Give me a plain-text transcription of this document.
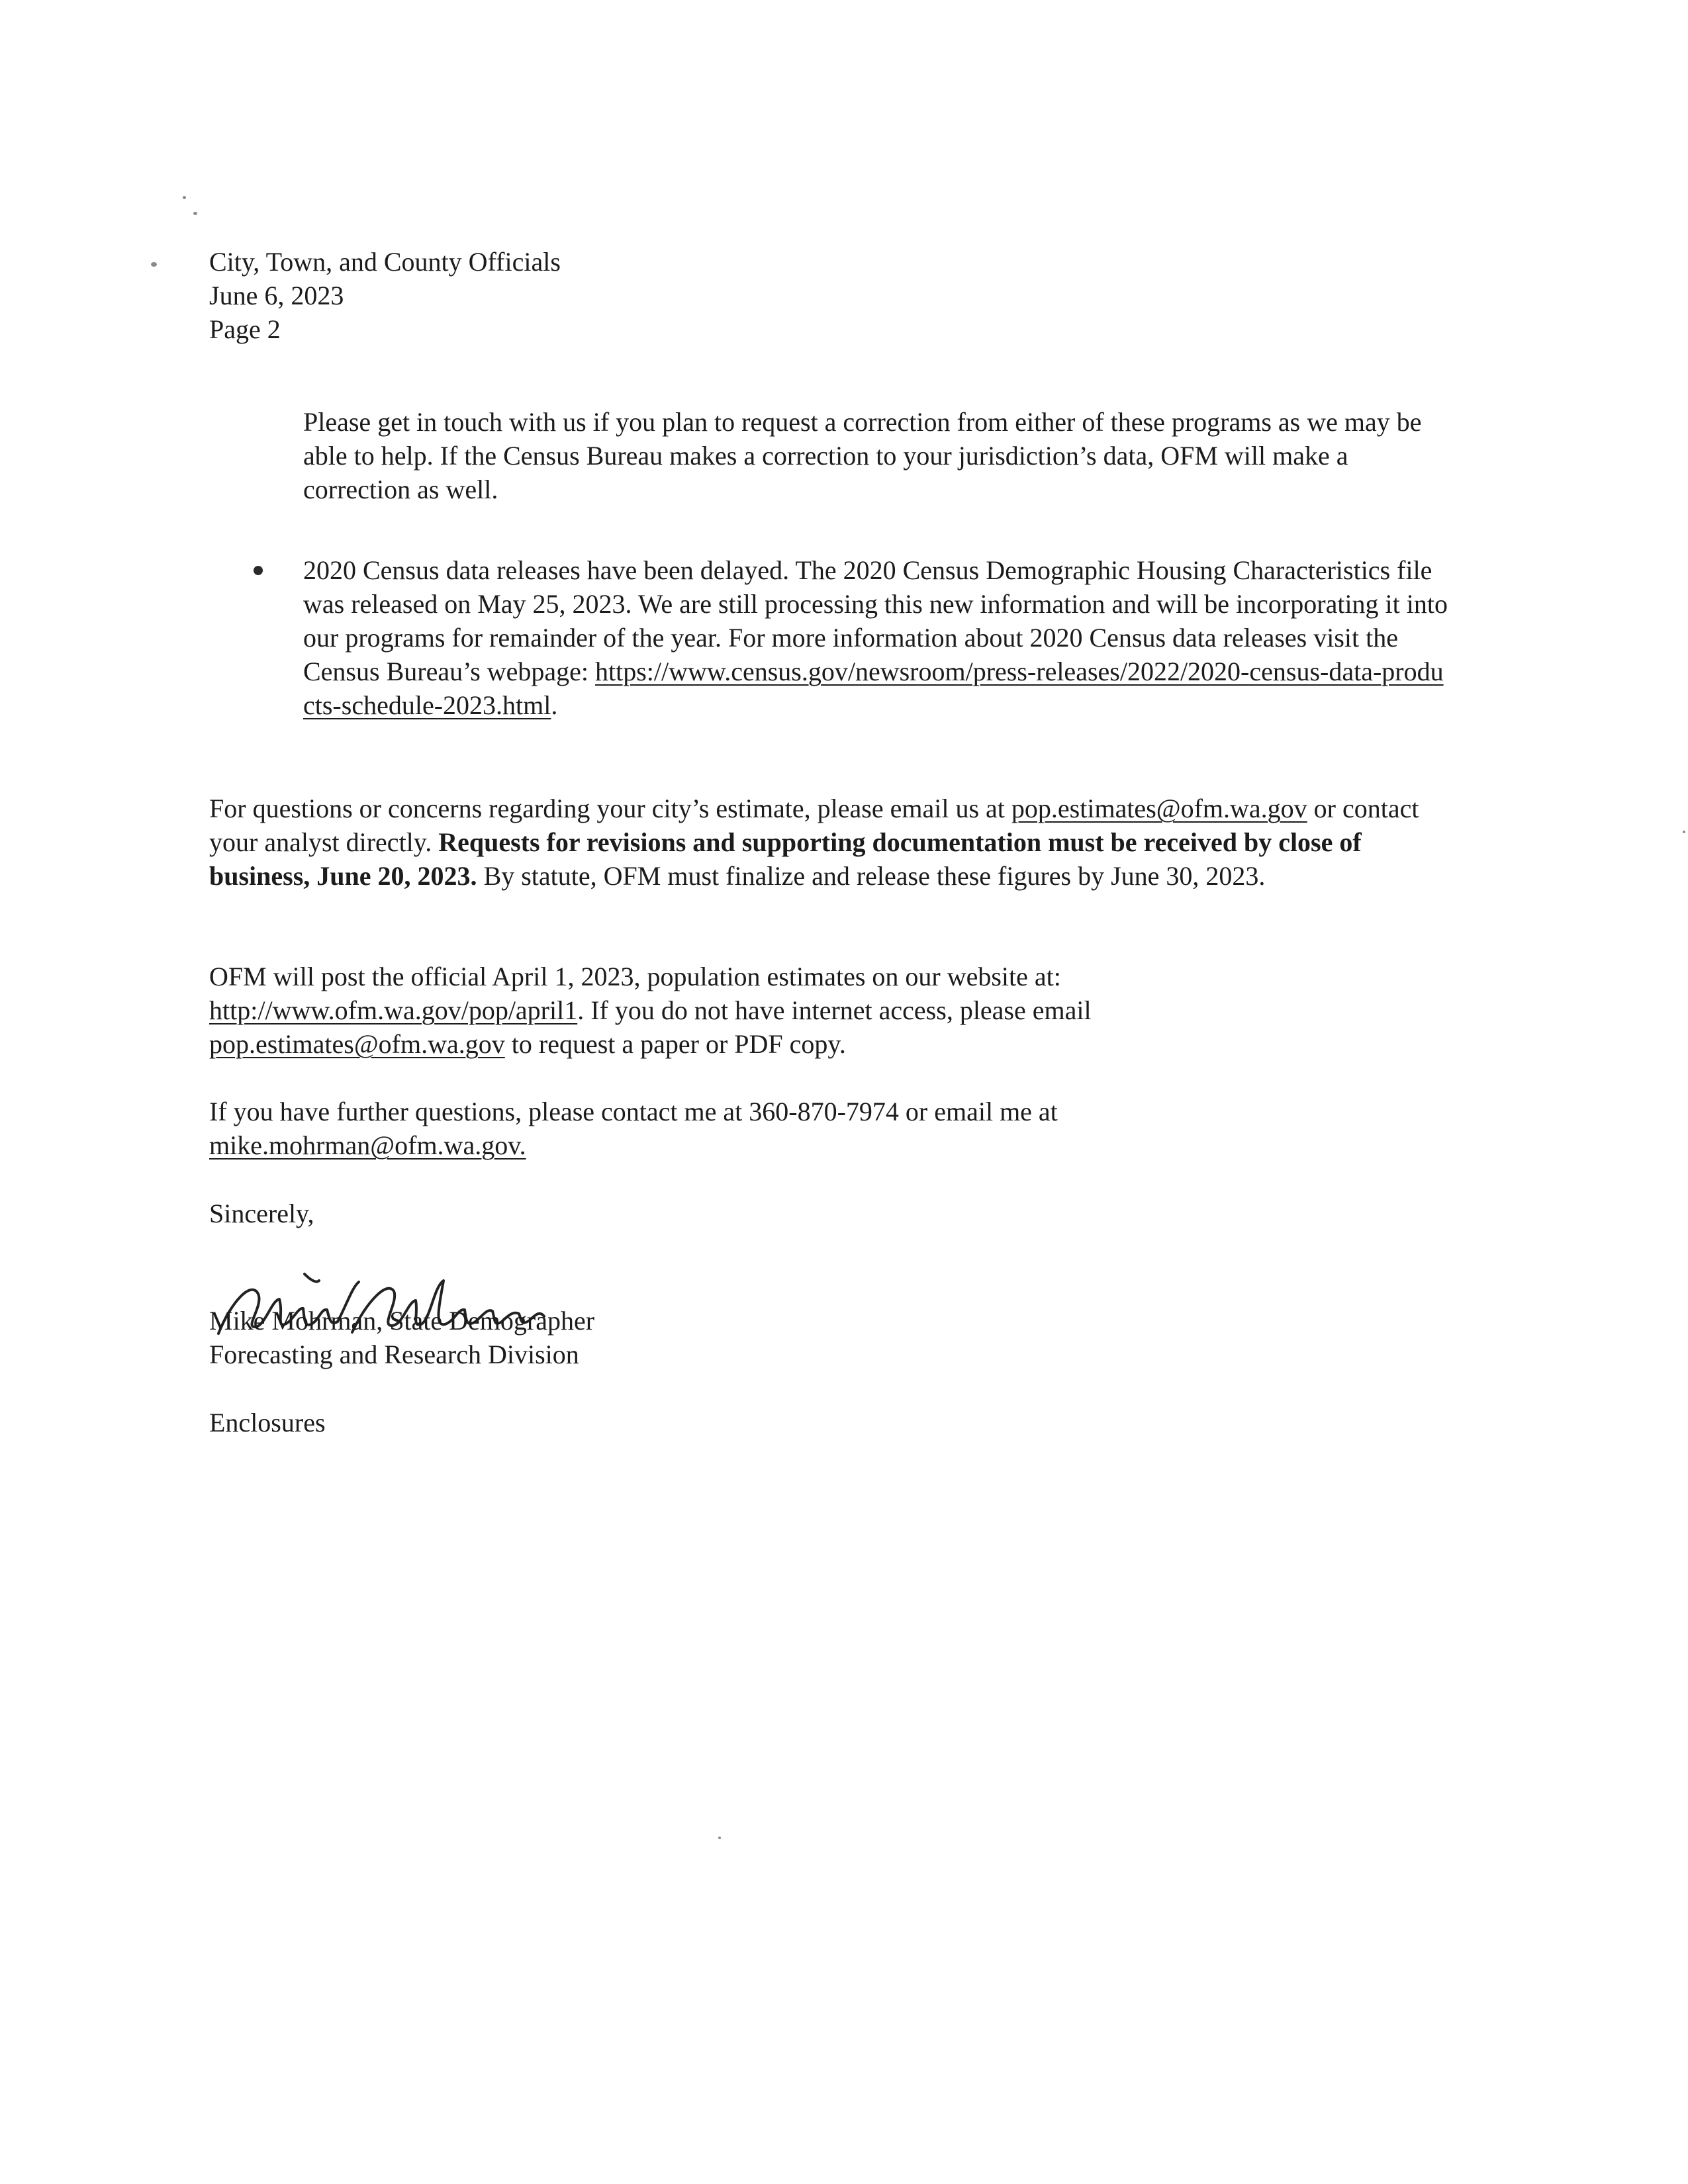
City, Town, and County Officials
June 6, 2023
Page 2
Please get in touch with us if you plan to request a correction from either of these programs as we may be able to help. If the Census Bureau makes a correction to your jurisdiction’s data, OFM will make a correction as well.
2020 Census data releases have been delayed. The 2020 Census Demographic Housing Characteristics file was released on May 25, 2023. We are still processing this new information and will be incorporating it into our programs for remainder of the year. For more information about 2020 Census data releases visit the Census Bureau’s webpage: https://www.census.gov/newsroom/press-releases/2022/2020-census-data-products-schedule-2023.html.
For questions or concerns regarding your city’s estimate, please email us at pop.estimates@ofm.wa.gov or contact your analyst directly. Requests for revisions and supporting documentation must be received by close of business, June 20, 2023. By statute, OFM must finalize and release these figures by June 30, 2023.
OFM will post the official April 1, 2023, population estimates on our website at:
http://www.ofm.wa.gov/pop/april1. If you do not have internet access, please email
pop.estimates@ofm.wa.gov to request a paper or PDF copy.
If you have further questions, please contact me at 360-870-7974 or email me at
mike.mohrman@ofm.wa.gov.
Sincerely,
Mike Mohrman, State Demographer
Forecasting and Research Division
Enclosures
